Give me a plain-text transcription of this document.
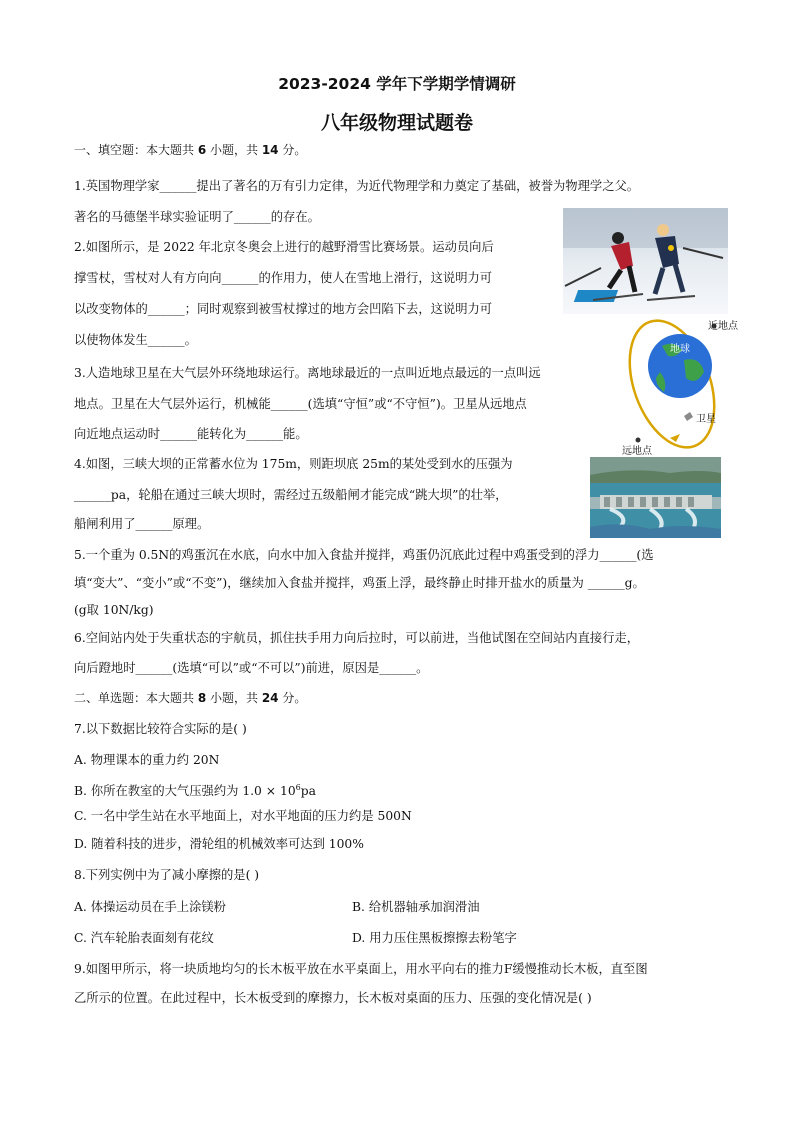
2023-2024 学年下学期学情调研
八年级物理试题卷
一、填空题：本大题共 6 小题，共 14 分。
1.英国物理学家______提出了著名的万有引力定律，为近代物理学和力奠定了基础，被誉为物理学之父。
著名的马德堡半球实验证明了______的存在。
2.如图所示，是 2022 年北京冬奥会上进行的越野滑雪比赛场景。运动员向后
撑雪杖，雪杖对人有方向向______的作用力，使人在雪地上滑行，这说明力可
以改变物体的______；同时观察到被雪杖撑过的地方会凹陷下去，这说明力可
以使物体发生______。
3.人造地球卫星在大气层外环绕地球运行。离地球最近的一点叫近地点最远的一点叫远
地点。卫星在大气层外运行，机械能______(选填“守恒”或“不守恒”)。卫星从远地点
向近地点运动时______能转化为______能。
地球
卫星
近地点
远地点
4.如图，三峡大坝的正常蓄水位为 175m，则距坝底 25m的某处受到水的压强为
______pa，轮船在通过三峡大坝时，需经过五级船闸才能完成“跳大坝”的壮举，
船闸利用了______原理。
5.一个重为 0.5N的鸡蛋沉在水底，向水中加入食盐并搅拌，鸡蛋仍沉底此过程中鸡蛋受到的浮力______(选
填“变大”、“变小”或“不变”)，继续加入食盐并搅拌，鸡蛋上浮，最终静止时排开盐水的质量为 ______g。
(g取 10N/kg)
6.空间站内处于失重状态的宇航员，抓住扶手用力向后拉时，可以前进，当他试图在空间站内直接行走，
向后蹬地时______(选填“可以”或“不可以”)前进，原因是______。
二、单选题：本大题共 8 小题，共 24 分。
7.以下数据比较符合实际的是( )
A. 物理课本的重力约 20N
B. 你所在教室的大气压强约为 $1.0 \times 10^6pa$
C. 一名中学生站在水平地面上，对水平地面的压力约是 500N
D. 随着科技的进步，滑轮组的机械效率可达到 100%
8.下列实例中为了减小摩擦的是( )
A. 体操运动员在手上涂镁粉	B. 给机器轴承加润滑油
C. 汽车轮胎表面刻有花纹	D. 用力压住黑板擦擦去粉笔字
9.如图甲所示，将一块质地均匀的长木板平放在水平桌面上，用水平向右的推力F缓慢推动长木板，直至图
乙所示的位置。在此过程中，长木板受到的摩擦力，长木板对桌面的压力、压强的变化情况是( )
